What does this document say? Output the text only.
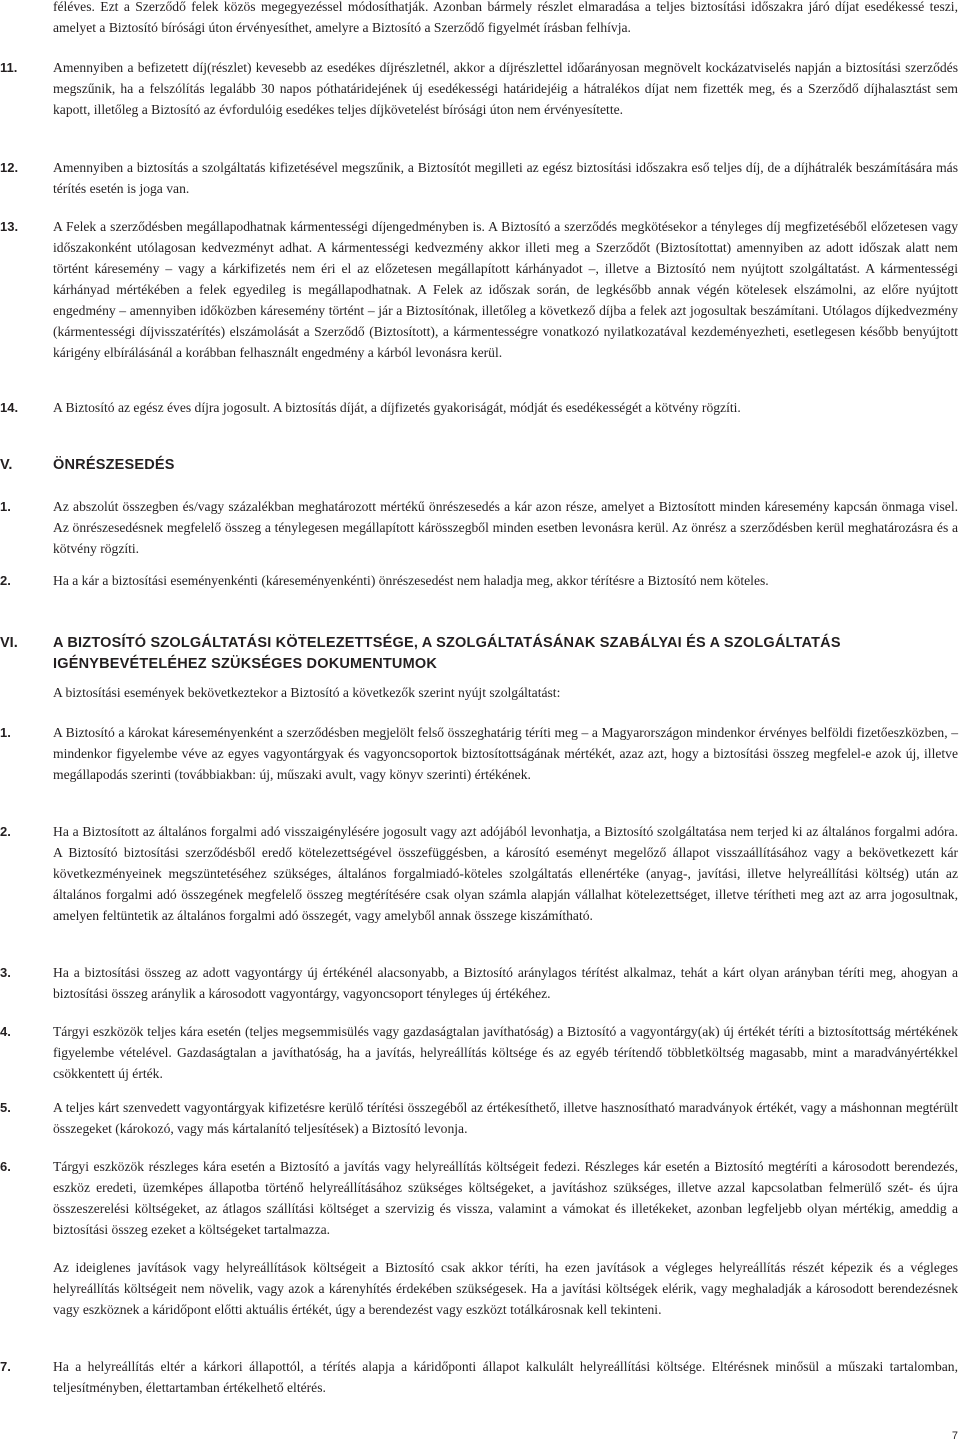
féléves. Ezt a Szerződő felek közös megegyezéssel módosíthatják. Azonban bármely részlet elmaradása a teljes biztosítási időszakra járó díjat esedékessé teszi, amelyet a Biztosító bírósági úton érvényesíthet, amelyre a Biztosító a Szerződő figyelmét írásban felhívja.

11.	Amennyiben a befizetett díj(részlet) kevesebb az esedékes díjrészletnél, akkor a díjrészlettel időarányosan megnövelt kockázatviselés napján a biztosítási szerződés megszűnik, ha a felszólítás legalább 30 napos póthatáridejének új esedékességi határidejéig a hátralékos díjat nem fizették meg, és a Szerződő díjhalasztást sem kapott, illetőleg a Biztosító az évfordulóig esedékes teljes díjkövetelést bírósági úton nem érvényesítette.
12.	Amennyiben a biztosítás a szolgáltatás kifizetésével megszűnik, a Biztosítót megilleti az egész biztosítási időszakra eső teljes díj, de a díjhátralék beszámítására más térítés esetén is joga van.
13.	A Felek a szerződésben megállapodhatnak kármentességi díjengedményben is. A Biztosító a szerződés megkötésekor a tényleges díj megfizetéséből előzetesen vagy időszakonként utólagosan kedvezményt adhat. A kármentességi kedvezmény akkor illeti meg a Szerződőt (Biztosítottat) amennyiben az adott időszak alatt nem történt káresemény – vagy a kárkifizetés nem éri el az előzetesen megállapított kárhányadot –, illetve a Biztosító nem nyújtott szolgáltatást. A kármentességi kárhányad mértékében a felek egyedileg is megállapodhatnak. A Felek az időszak során, de legkésőbb annak végén kötelesek elszámolni, az előre nyújtott engedmény – amennyiben időközben káresemény történt – jár a Biztosítónak, illetőleg a következő díjba a felek azt jogosultak beszámítani. Utólagos díjkedvezmény (kármentességi díjvisszatérítés) elszámolását a Szerződő (Biztosított), a kármentességre vonatkozó nyilatkozatával kezdeményezheti, esetlegesen később benyújtott kárigény elbírálásánál a korábban felhasznált engedmény a kárból levonásra kerül.
14.	A Biztosító az egész éves díjra jogosult. A biztosítás díját, a díjfizetés gyakoriságát, módját és esedékességét a kötvény rögzíti.
V.	ÖNRÉSZESEDÉS
1.	Az abszolút összegben és/vagy százalékban meghatározott mértékű önrészesedés a kár azon része, amelyet a Biztosított minden káresemény kapcsán önmaga visel. Az önrészesedésnek megfelelő összeg a ténylegesen megállapított kárösszegből minden esetben levonásra kerül. Az önrész a szerződésben kerül meghatározásra és a kötvény rögzíti.
2.	Ha a kár a biztosítási eseményenkénti (káreseményenkénti) önrészesedést nem haladja meg, akkor térítésre a Biztosító nem köteles.
VI.	A BIZTOSÍTÓ SZOLGÁLTATÁSI KÖTELEZETTSÉGE, A SZOLGÁLTATÁSÁNAK SZABÁLYAI ÉS A SZOLGÁLTATÁS
IGÉNYBEVÉTELÉHEZ SZÜKSÉGES DOKUMENTUMOK

A biztosítási események bekövetkeztekor a Biztosító a következők szerint nyújt szolgáltatást:

1.	A Biztosító a károkat káreseményenként a szerződésben megjelölt felső összeghatárig téríti meg – a Magyarországon mindenkor érvényes belföldi fizetőeszközben, – mindenkor figyelembe véve az egyes vagyontárgyak és vagyoncsoportok biztosítottságának mértékét, azaz azt, hogy a biztosítási összeg megfelel-e azok új, illetve megállapodás szerinti (továbbiakban: új, műszaki avult, vagy könyv szerinti) értékének.
2.	Ha a Biztosított az általános forgalmi adó visszaigénylésére jogosult vagy azt adójából levonhatja, a Biztosító szolgáltatása nem terjed ki az általános forgalmi adóra. A Biztosító biztosítási szerződésből eredő kötelezettségével összefüggésben, a károsító eseményt megelőző állapot visszaállításához vagy a bekövetkezett kár következményeinek megszüntetéséhez szükséges, általános forgalmiadó-köteles szolgáltatás ellenértéke (anyag-, javítási, illetve helyreállítási költség) után az általános forgalmi adó összegének megfelelő összeg megtérítésére csak olyan számla alapján vállalhat kötelezettséget, illetve térítheti meg azt az arra jogosultnak, amelyen feltüntetik az általános forgalmi adó összegét, vagy amelyből annak összege kiszámítható.
3.	Ha a biztosítási összeg az adott vagyontárgy új értékénél alacsonyabb, a Biztosító aránylagos térítést alkalmaz, tehát a kárt olyan arányban téríti meg, ahogyan a biztosítási összeg aránylik a károsodott vagyontárgy, vagyoncsoport tényleges új értékéhez.
4.	Tárgyi eszközök teljes kára esetén (teljes megsemmisülés vagy gazdaságtalan javíthatóság) a Biztosító a vagyontárgy(ak) új értékét téríti a biztosítottság mértékének figyelembe vételével. Gazdaságtalan a javíthatóság, ha a javítás, helyreállítás költsége és az egyéb térítendő többletköltség magasabb, mint a maradványértékkel csökkentett új érték.
5.	A teljes kárt szenvedett vagyontárgyak kifizetésre kerülő térítési összegéből az értékesíthető, illetve hasznosítható maradványok értékét, vagy a máshonnan megtérült összegeket (károkozó, vagy más kártalanító teljesítések) a Biztosító levonja.
6.	Tárgyi eszközök részleges kára esetén a Biztosító a javítás vagy helyreállítás költségeit fedezi. Részleges kár esetén a Biztosító megtéríti a károsodott berendezés, eszköz eredeti, üzemképes állapotba történő helyreállításához szükséges költségeket, a javításhoz szükséges, illetve azzal kapcsolatban felmerülő szét- és újra összeszerelési költségeket, az átlagos szállítási költséget a szervizig és vissza, valamint a vámokat és illetékeket, azonban legfeljebb olyan mértékig, ameddig a biztosítási összeg ezeket a költségeket tartalmazza.
Az ideiglenes javítások vagy helyreállítások költségeit a Biztosító csak akkor téríti, ha ezen javítások a végleges helyreállítás részét képezik és a végleges helyreállítás költségeit nem növelik, vagy azok a kárenyhítés érdekében szükségesek. Ha a javítási költségek elérik, vagy meghaladják a károsodott berendezésnek vagy eszköznek a káridőpont előtti aktuális értékét, úgy a berendezést vagy eszközt totálkárosnak kell tekinteni.
7.	Ha a helyreállítás eltér a kárkori állapottól, a térítés alapja a káridőponti állapot kalkulált helyreállítási költsége. Eltérésnek minősül a műszaki tartalomban, teljesítményben, élettartamban értékelhető eltérés.
7
